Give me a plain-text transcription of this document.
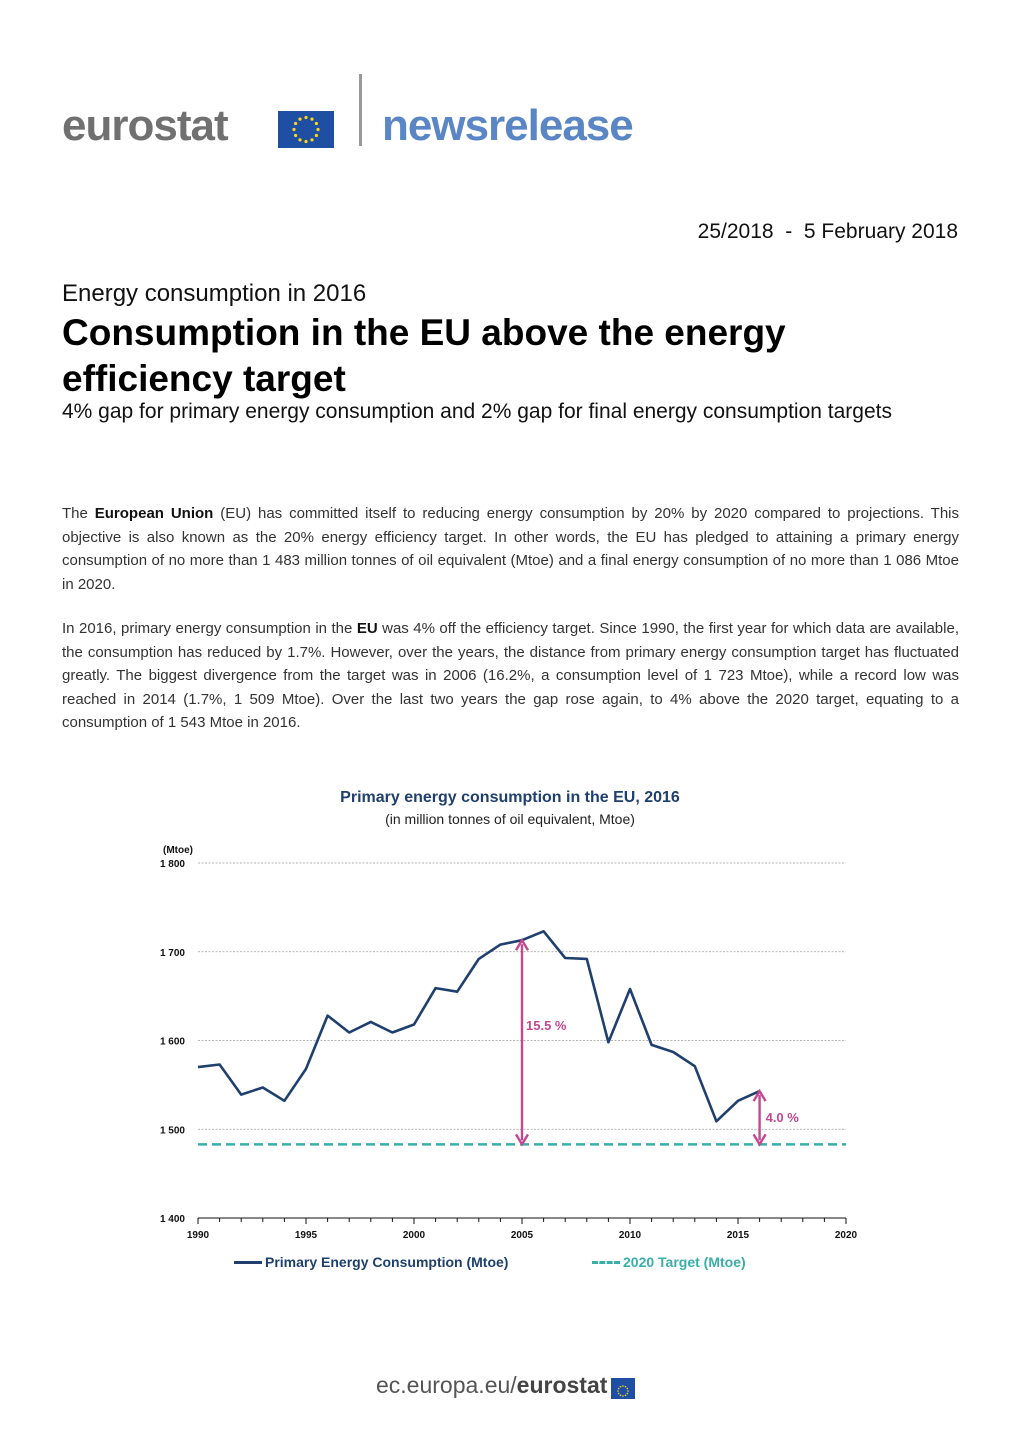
eurostat	newsrelease
25/2018  -  5 February 2018
Energy consumption in 2016
Consumption in the EU above the energy efficiency target
4% gap for primary energy consumption and 2% gap for final energy consumption targets
The European Union (EU) has committed itself to reducing energy consumption by 20% by 2020 compared to projections. This objective is also known as the 20% energy efficiency target. In other words, the EU has pledged to attaining a primary energy consumption of no more than 1 483 million tonnes of oil equivalent (Mtoe) and a final energy consumption of no more than 1 086 Mtoe in 2020.
In 2016, primary energy consumption in the EU was 4% off the efficiency target. Since 1990, the first year for which data are available, the consumption has reduced by 1.7%. However, over the years, the distance from primary energy consumption target has fluctuated greatly. The biggest divergence from the target was in 2006 (16.2%, a consumption level of 1 723 Mtoe), while a record low was reached in 2014 (1.7%, 1 509 Mtoe). Over the last two years the gap rose again, to 4% above the 2020 target, equating to a consumption of 1 543 Mtoe in 2016.
Primary energy consumption in the EU, 2016
(in million tonnes of oil equivalent, Mtoe)
(Mtoe)
1 400
1 500
1 600
1 700
1 800
1990	1995	2000	2005	2010	2015	2020
15.5 %
4.0 %
Primary Energy Consumption (Mtoe)	2020 Target (Mtoe)
ec.europa.eu/ eurostat
